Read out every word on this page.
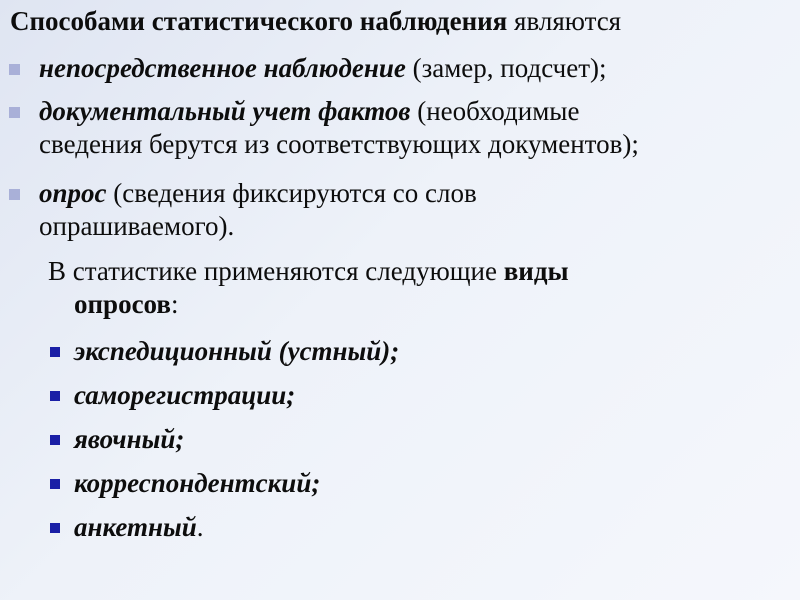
Способами статистического наблюдения являются
непосредственное наблюдение (замер, подсчет);
документальный учет фактов (необходимые
сведения берутся из соответствующих документов);
опрос (сведения фиксируются со слов
опрашиваемого).
В статистике применяются следующие виды
опросов:
экспедиционный (устный);
саморегистрации;
явочный;
корреспондентский;
анкетный.
